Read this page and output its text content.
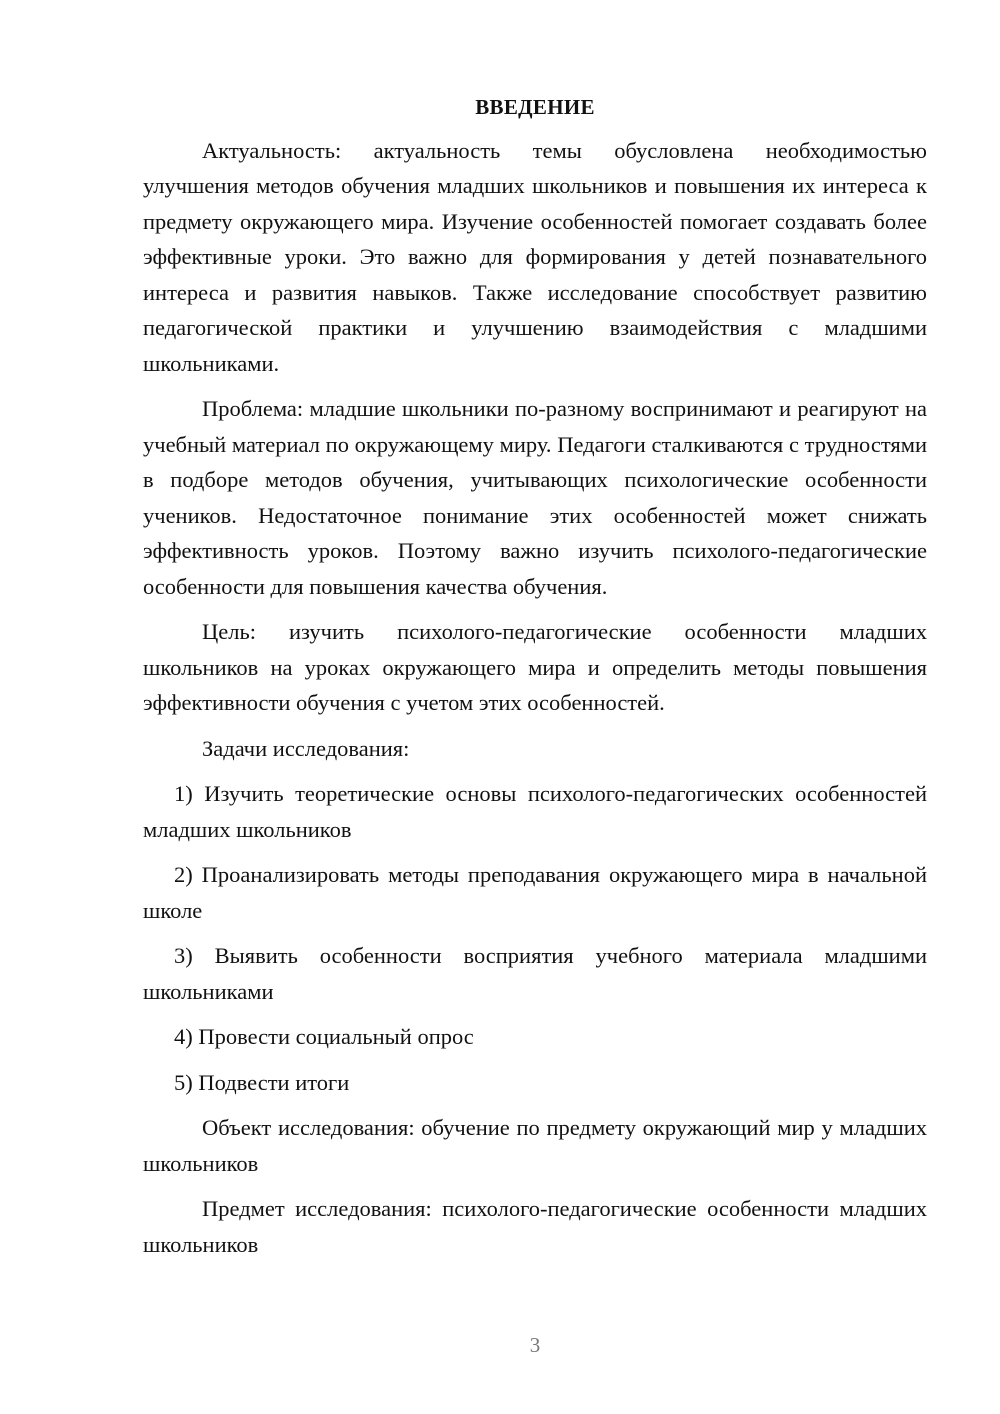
ВВЕДЕНИЕ

Актуальность: актуальность темы обусловлена необходимостью улучшения методов обучения младших школьников и повышения их интереса к предмету окружающего мира. Изучение особенностей помогает создавать более эффективные уроки. Это важно для формирования у детей познавательного интереса и развития навыков. Также исследование способствует развитию педагогической практики и улучшению взаимодействия с младшими школьниками.

Проблема: младшие школьники по-разному воспринимают и реагируют на учебный материал по окружающему миру. Педагоги сталкиваются с трудностями в подборе методов обучения, учитывающих психологические особенности учеников. Недостаточное понимание этих особенностей может снижать эффективность уроков. Поэтому важно изучить психолого-педагогические особенности для повышения качества обучения.

Цель: изучить психолого-педагогические особенности младших школьников на уроках окружающего мира и определить методы повышения эффективности обучения с учетом этих особенностей.

Задачи исследования:

1) Изучить теоретические основы психолого-педагогических особенностей младших школьников

2) Проанализировать методы преподавания окружающего мира в начальной школе

3) Выявить особенности восприятия учебного материала младшими школьниками

4) Провести социальный опрос

5) Подвести итоги

Объект исследования: обучение по предмету окружающий мир у младших школьников

Предмет исследования: психолого-педагогические особенности младших школьников

3
